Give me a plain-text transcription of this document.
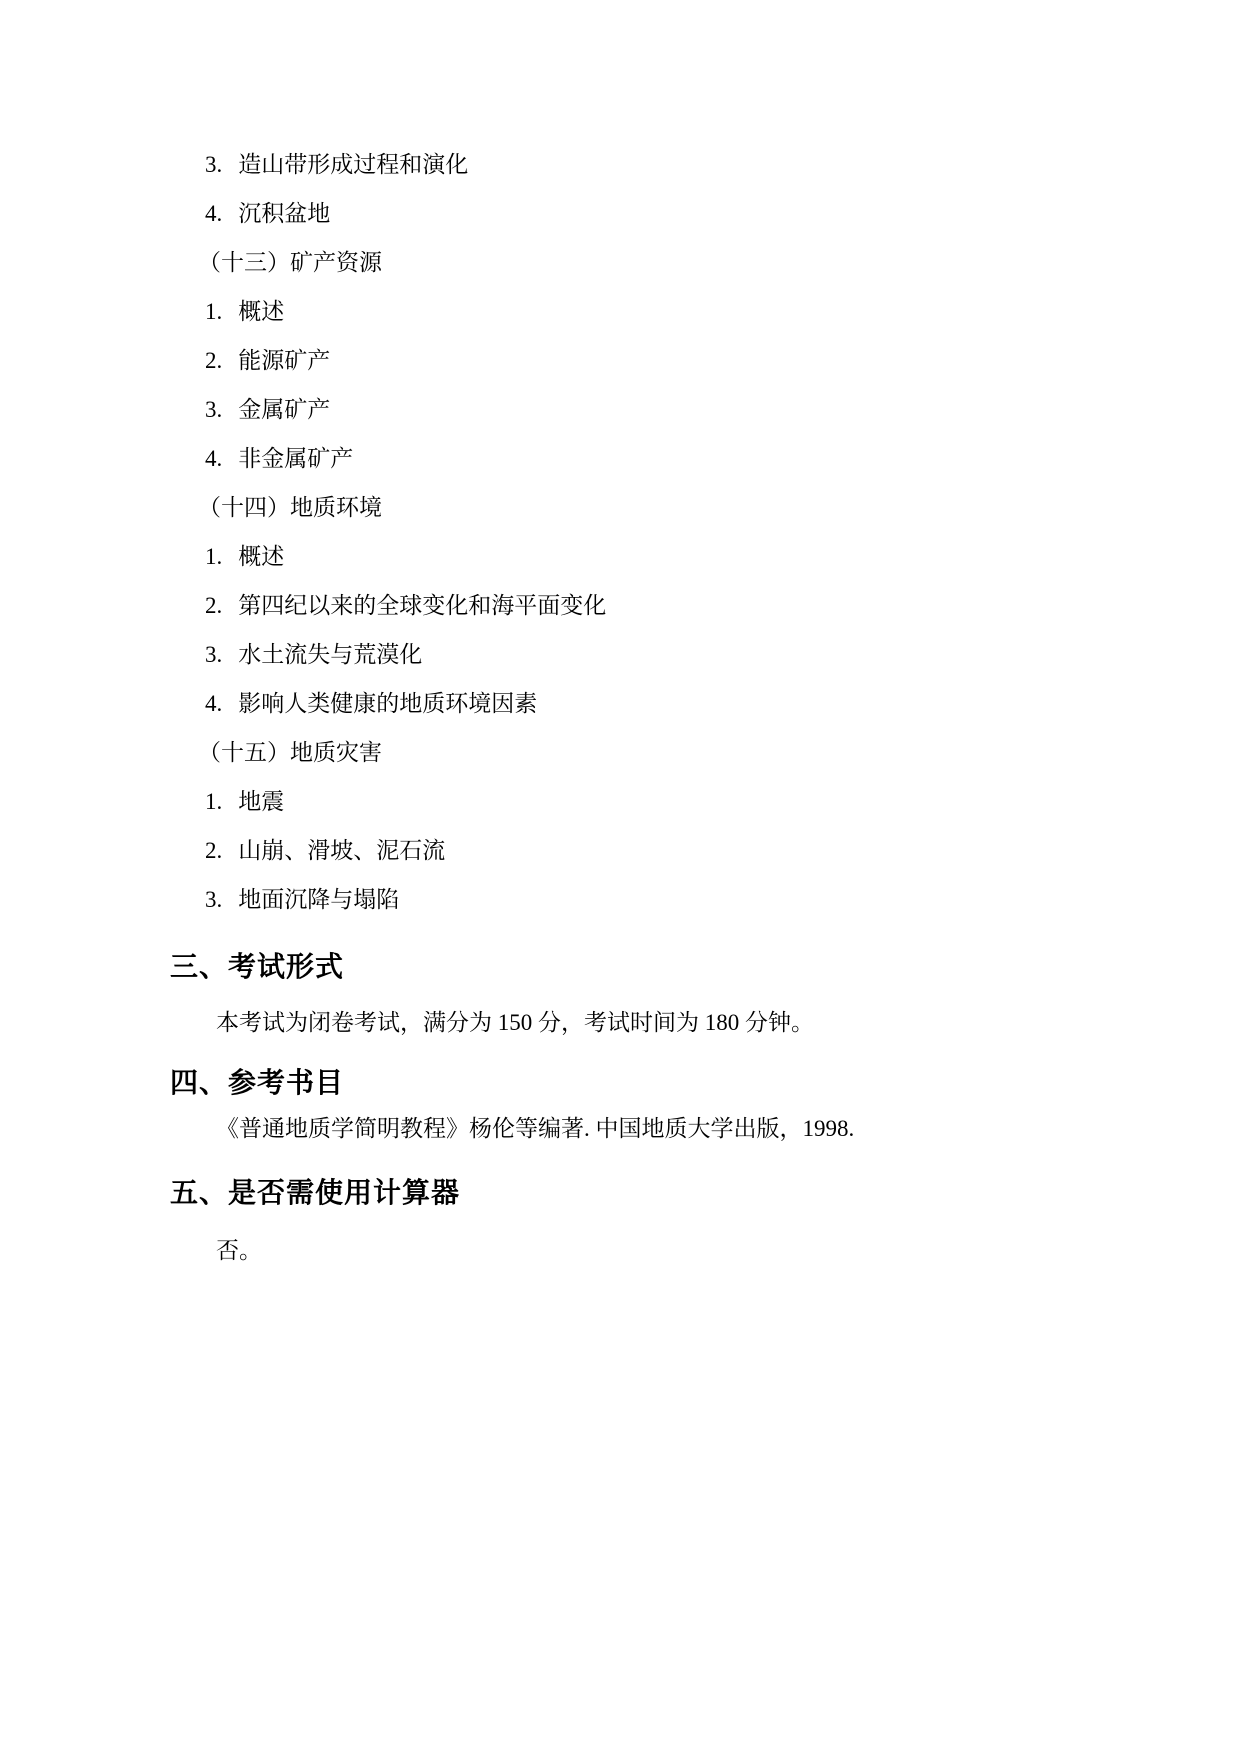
3. 造山带形成过程和演化
4. 沉积盆地
（十三）矿产资源
1. 概述
2. 能源矿产
3. 金属矿产
4. 非金属矿产
（十四）地质环境
1. 概述
2. 第四纪以来的全球变化和海平面变化
3. 水土流失与荒漠化
4. 影响人类健康的地质环境因素
（十五）地质灾害
1. 地震
2. 山崩、滑坡、泥石流
3. 地面沉降与塌陷
三、考试形式
本考试为闭卷考试，满分为 150 分，考试时间为 180 分钟。
四、参考书目
《普通地质学简明教程》杨伦等编著. 中国地质大学出版，1998.
五、是否需使用计算器
否。
